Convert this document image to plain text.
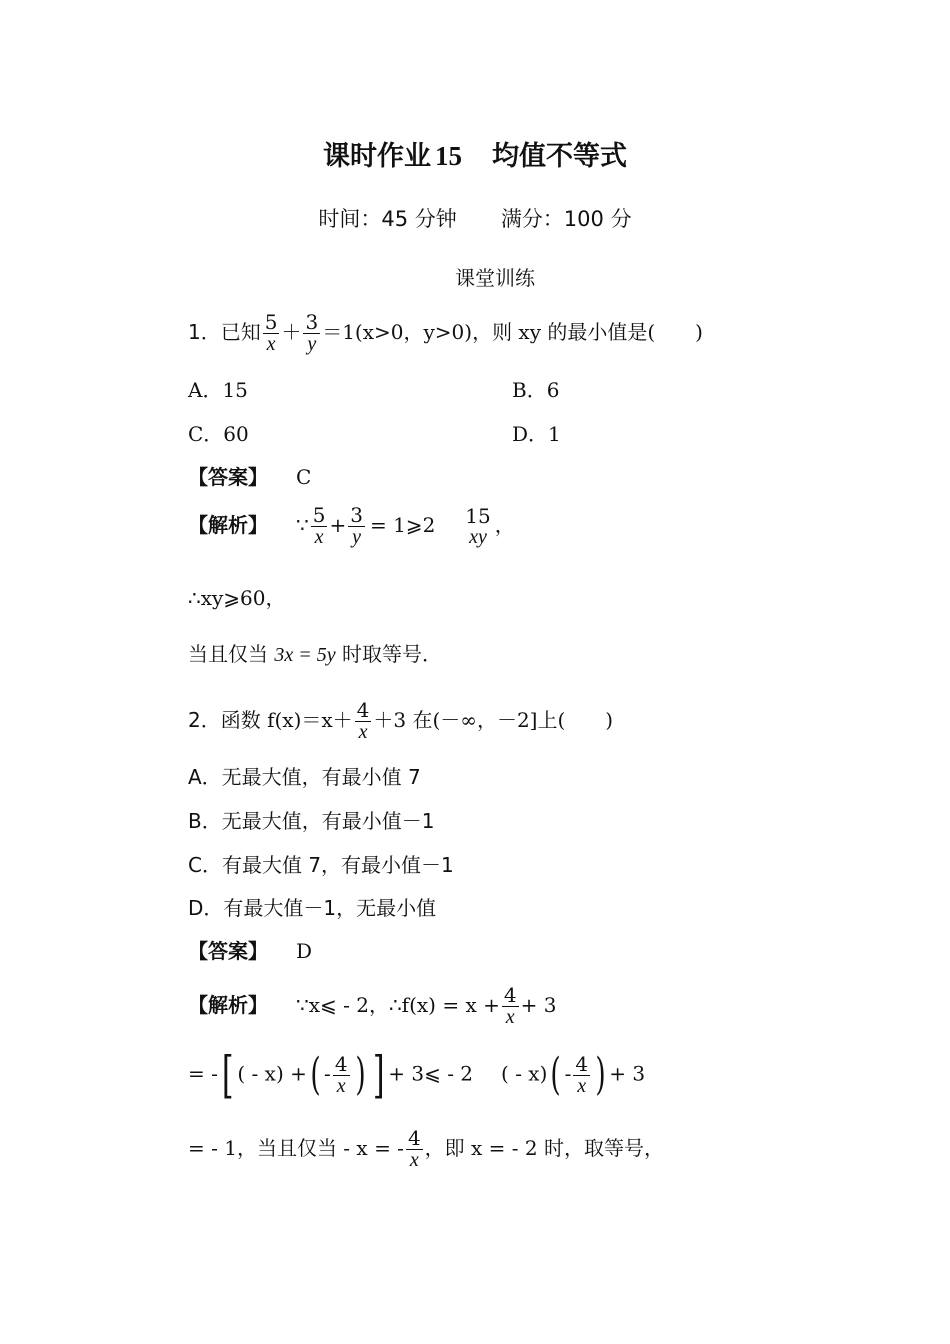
课时作业 15 均值不等式
时间：45 分钟 满分：100 分
课堂训练
1．已知 $\frac{5}{x} + \frac{3}{y} =1(x>0$，y>0)，则 xy 的最小值是(　　)
A．15	B．6
C．60	D．1
【答案】 C
【解析】 ∵ $\frac{5}{x} + \frac{3}{y}$ = 1⩾2 15
xy ，
∴xy⩾60，
当且仅当 3x = 5y 时取等号．
2．函数 $f(x)=x+ \frac{4}{x} +3$ 在(－∞，－2]上(　　)
A．无最大值，有最小值 7
B．无最大值，有最小值－1
C．有最大值 7，有最小值－1
D．有最大值－1，无最小值
【答案】 D
【解析】 ∵x⩽ - 2，∴f(x) = $x + \frac{4}{x} + 3$
= -[ ( - x) +( - $\frac{4}{x}$ ) ] + 3⩽ - 2 ( - $x)( - \frac{4}{x}$ ) + 3
= - 1，当且仅当 - x = - $\frac{4}{x}$ ，即 x = - 2 时，取等号，
